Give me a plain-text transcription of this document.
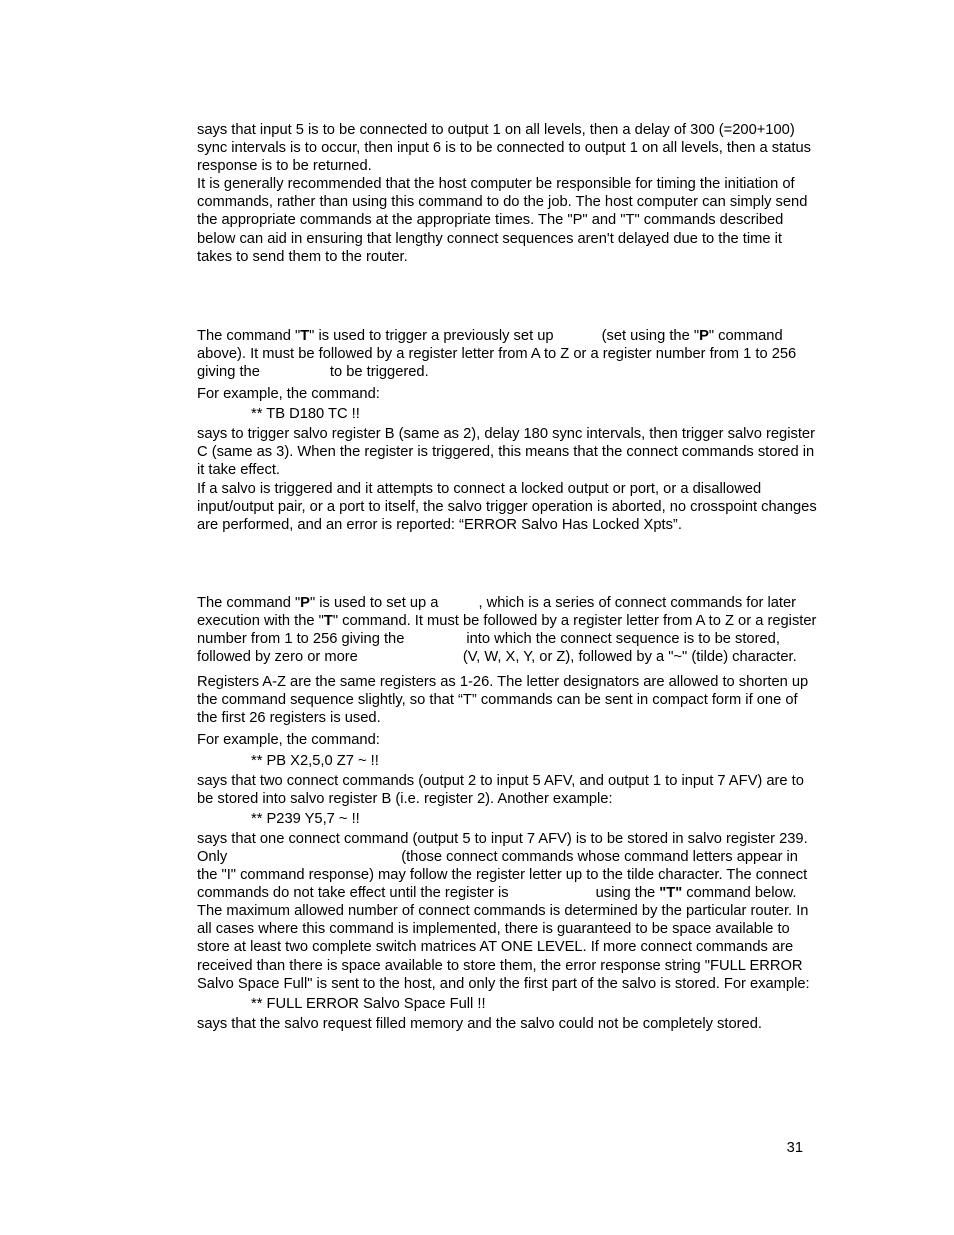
says that input 5 is to be connected to output 1 on all levels, then a delay of 300 (=200+100) sync intervals is to occur, then input 6 is to be connected to output 1 on all levels, then a status response is to be returned.

It is generally recommended that the host computer be responsible for timing the initiation of commands, rather than using this command to do the job. The host computer can simply send the appropriate commands at the appropriate times. The "P" and "T" commands described below can aid in ensuring that lengthy connect sequences aren't delayed due to the time it takes to send them to the router.

The command "T" is used to trigger a previously set up	(set using the "P" command above). It must be followed by a register letter from A to Z or a register number from 1 to 256 giving the	to be triggered.

For example, the command:

** TB D180 TC !!

says to trigger salvo register B (same as 2), delay 180 sync intervals, then trigger salvo register C (same as 3). When the register is triggered, this means that the connect commands stored in it take effect.

If a salvo is triggered and it attempts to connect a locked output or port, or a disallowed input/output pair, or a port to itself, the salvo trigger operation is aborted, no crosspoint changes are performed, and an error is reported: “ERROR Salvo Has Locked Xpts”.

The command "P" is used to set up a	, which is a series of connect commands for later execution with the "T" command. It must be followed by a register letter from A to Z or a register number from 1 to 256 giving the	into which the connect sequence is to be stored, followed by zero or more	(V, W, X, Y, or Z), followed by a "~" (tilde) character.

Registers A-Z are the same registers as 1-26. The letter designators are allowed to shorten up the command sequence slightly, so that “T” commands can be sent in compact form if one of the first 26 registers is used.

For example, the command:

** PB X2,5,0 Z7 ~ !!

says that two connect commands (output 2 to input 5 AFV, and output 1 to input 7 AFV) are to be stored into salvo register B (i.e. register 2). Another example:

** P239 Y5,7 ~ !!

says that one connect command (output 5 to input 7 AFV) is to be stored in salvo register 239.

Only	(those connect commands whose command letters appear in the "I" command response) may follow the register letter up to the tilde character. The connect commands do not take effect until the register is	using the "T" command below.

The maximum allowed number of connect commands is determined by the particular router. In all cases where this command is implemented, there is guaranteed to be space available to store at least two complete switch matrices AT ONE LEVEL. If more connect commands are received than there is space available to store them, the error response string "FULL ERROR Salvo Space Full" is sent to the host, and only the first part of the salvo is stored. For example:

** FULL ERROR Salvo Space Full !!

says that the salvo request filled memory and the salvo could not be completely stored.

31
